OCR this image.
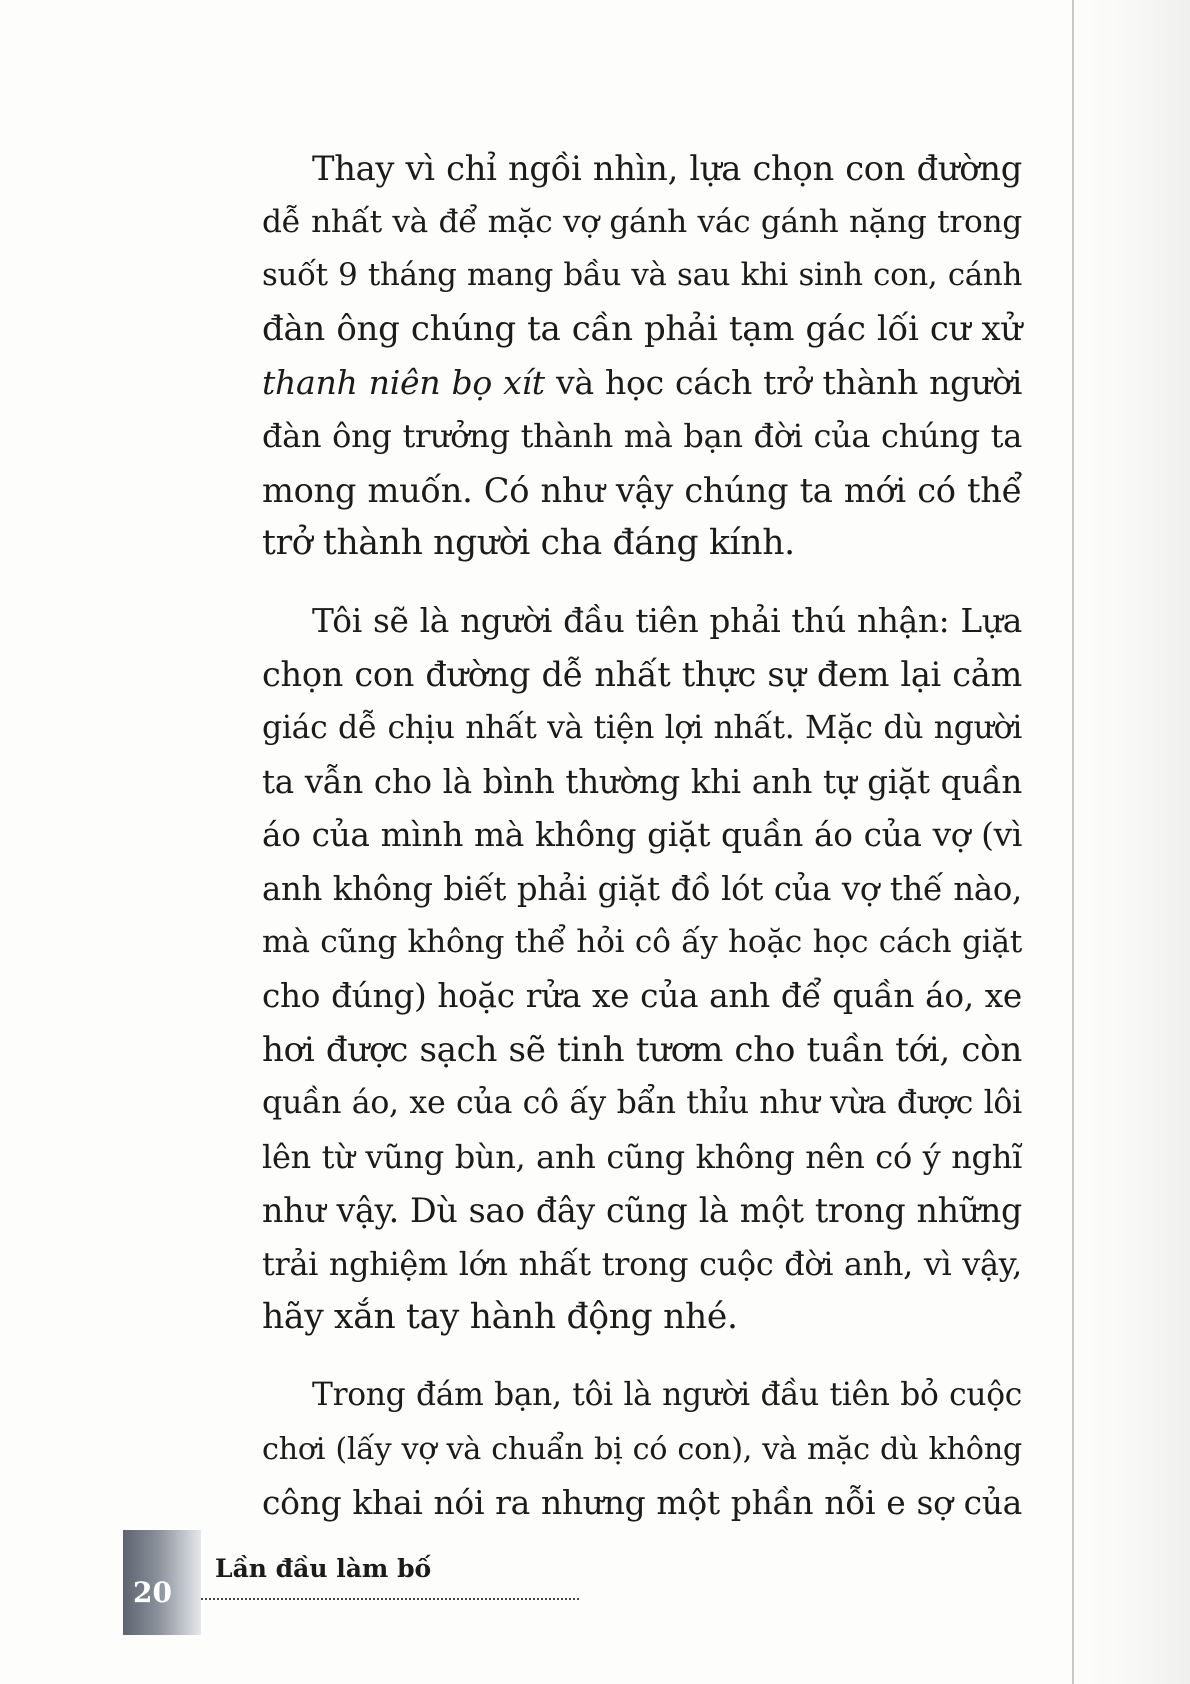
Thay vì chỉ ngồi nhìn, lựa chọn con đường
dễ nhất và để mặc vợ gánh vác gánh nặng trong
suốt 9 tháng mang bầu và sau khi sinh con, cánh
đàn ông chúng ta cần phải tạm gác lối cư xử
thanh niên bọ xít và học cách trở thành người
đàn ông trưởng thành mà bạn đời của chúng ta
mong muốn. Có như vậy chúng ta mới có thể
trở thành người cha đáng kính.

Tôi sẽ là người đầu tiên phải thú nhận: Lựa
chọn con đường dễ nhất thực sự đem lại cảm
giác dễ chịu nhất và tiện lợi nhất. Mặc dù người
ta vẫn cho là bình thường khi anh tự giặt quần
áo của mình mà không giặt quần áo của vợ (vì
anh không biết phải giặt đồ lót của vợ thế nào,
mà cũng không thể hỏi cô ấy hoặc học cách giặt
cho đúng) hoặc rửa xe của anh để quần áo, xe
hơi được sạch sẽ tinh tươm cho tuần tới, còn
quần áo, xe của cô ấy bẩn thỉu như vừa được lôi
lên từ vũng bùn, anh cũng không nên có ý nghĩ
như vậy. Dù sao đây cũng là một trong những
trải nghiệm lớn nhất trong cuộc đời anh, vì vậy,
hãy xắn tay hành động nhé.

Trong đám bạn, tôi là người đầu tiên bỏ cuộc
chơi (lấy vợ và chuẩn bị có con), và mặc dù không
công khai nói ra nhưng một phần nỗi e sợ của

20
Lần đầu làm bố
